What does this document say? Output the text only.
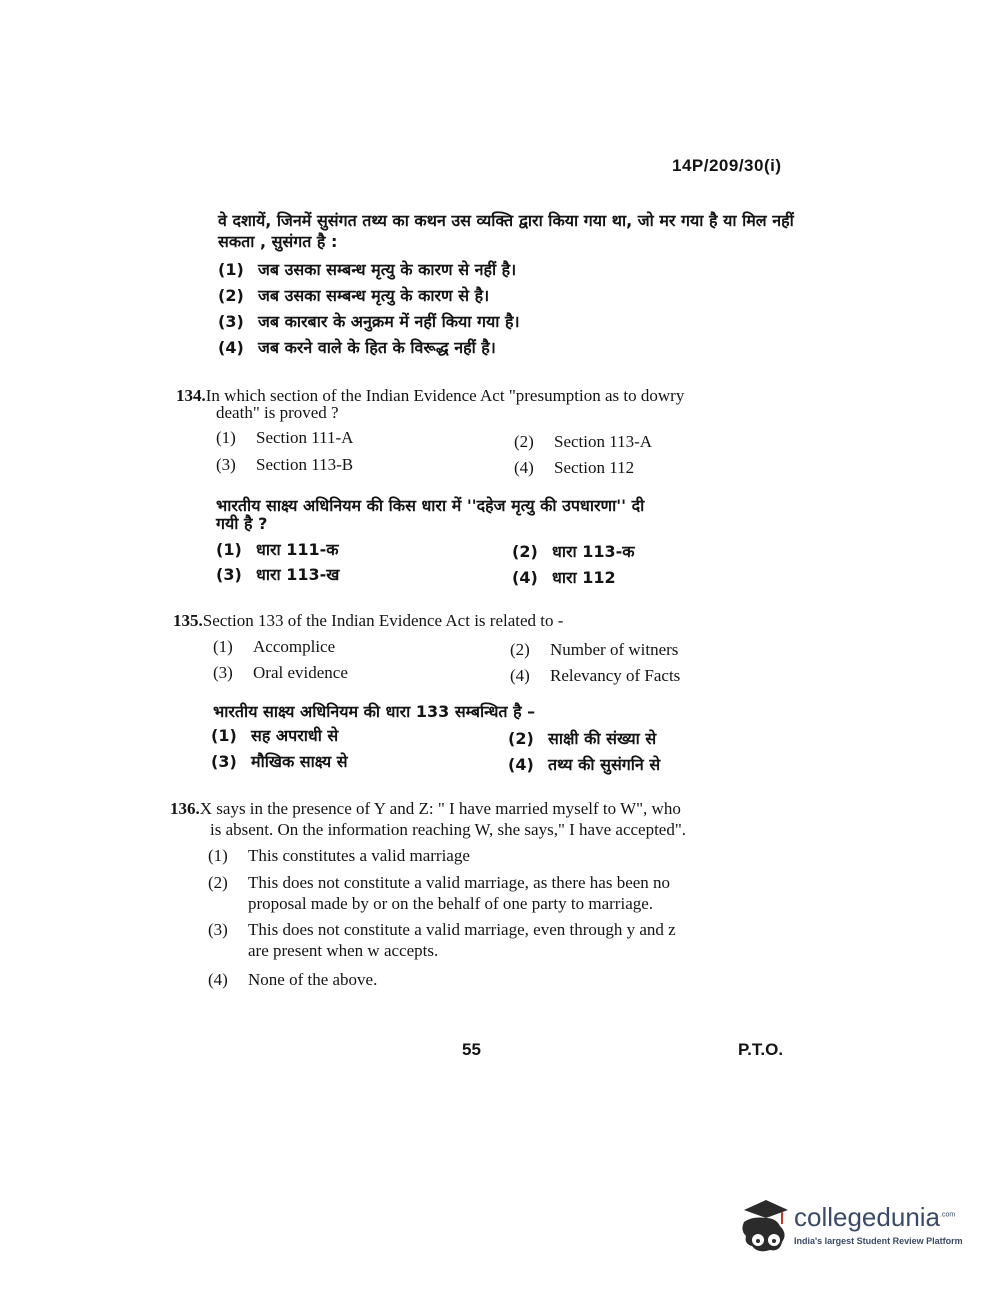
14P/209/30(i)
वे दशायें, जिनमें सुसंगत तथ्य का कथन उस व्यक्ति द्वारा किया गया था, जो मर गया है या मिल नहीं सकता , सुसंगत है :
(1) जब उसका सम्बन्ध मृत्यु के कारण से नहीं है।
(2) जब उसका सम्बन्ध मृत्यु के कारण से है।
(3) जब कारबार के अनुक्रम में नहीं किया गया है।
(4) जब करने वाले के हित के विरूद्ध नहीं है।
134.In which section of the Indian Evidence Act "presumption as to dowry
death" is proved ?
(1) Section 111-A	(2) Section 113-A
(3) Section 113-B	(4) Section 112
भारतीय साक्ष्य अधिनियम की किस धारा में ''दहेज मृत्यु की उपधारणा'' दी
गयी है ?
(1) धारा 111-क	(2) धारा 113-क
(3) धारा 113-ख	(4) धारा 112
135.Section 133 of the Indian Evidence Act is related to -
(1) Accomplice	(2) Number of witners
(3) Oral evidence	(4) Relevancy of Facts
भारतीय साक्ष्य अधिनियम की धारा 133 सम्बन्धित है –
(1) सह अपराधी से	(2) साक्षी की संख्या से
(3) मौखिक साक्ष्य से	(4) तथ्य की सुसंगनि से
136.X says in the presence of Y and Z: " I have married myself to W", who
is absent. On the information reaching W, she says," I have accepted".
(1) This constitutes a valid marriage
(2) This does not constitute a valid marriage, as there has been no
proposal made by or on the behalf of one party to marriage.
(3) This does not constitute a valid marriage, even through y and z
are present when w accepts.
(4) None of the above.
55	P.T.O.
collegedunia$^{.com}$
India's largest Student Review Platform
